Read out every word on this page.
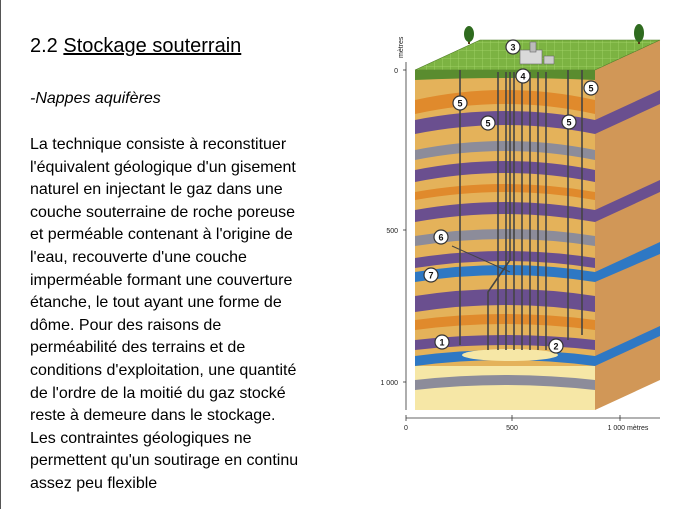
2.2 Stockage souterrain
-Nappes aquifères
La technique consiste à reconstituer
l'équivalent géologique d'un gisement
naturel en injectant le gaz dans une
couche souterraine de roche poreuse
et perméable contenant à l'origine de
l'eau, recouverte d'une couche
imperméable formant une couverture
étanche, le tout ayant une forme de
dôme. Pour des raisons de
perméabilité des terrains et de
conditions d'exploitation, une quantité
de l'ordre de la moitié du gaz stocké
reste à demeure dans le stockage.
Les contraintes géologiques ne
permettent qu'un soutirage en continu
assez peu flexible
3
4
5
5	5
5
6
7
1	2
mètres
0
500
1 000
0	500	1 000 mètres
